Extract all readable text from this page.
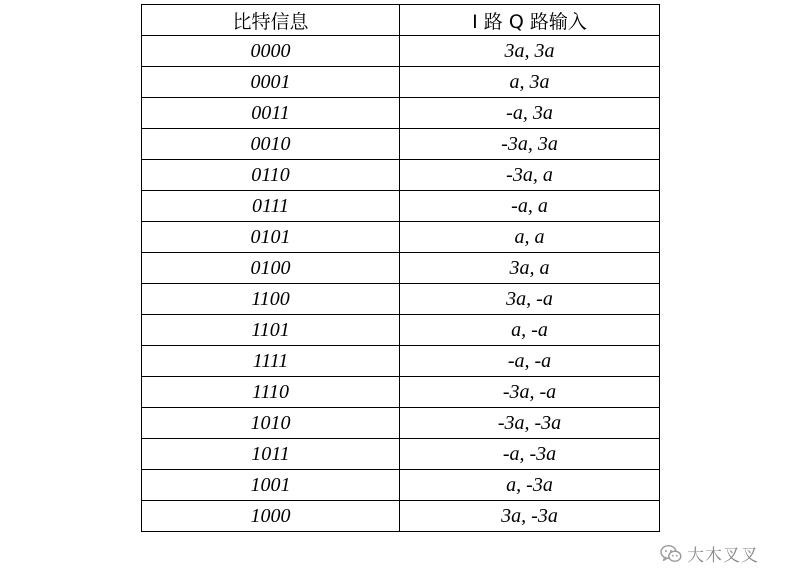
比特信息	I 路 Q 路输入
0000	3a, 3a
0001	a, 3a
0011	-a, 3a
0010	-3a, 3a
0110	-3a, a
0111	-a, a
0101	a, a
0100	3a, a
1100	3a, -a
1101	a, -a
1111	-a, -a
1110	-3a, -a
1010	-3a, -3a
1011	-a, -3a
1001	a, -3a
1000	3a, -3a
大木叉叉
